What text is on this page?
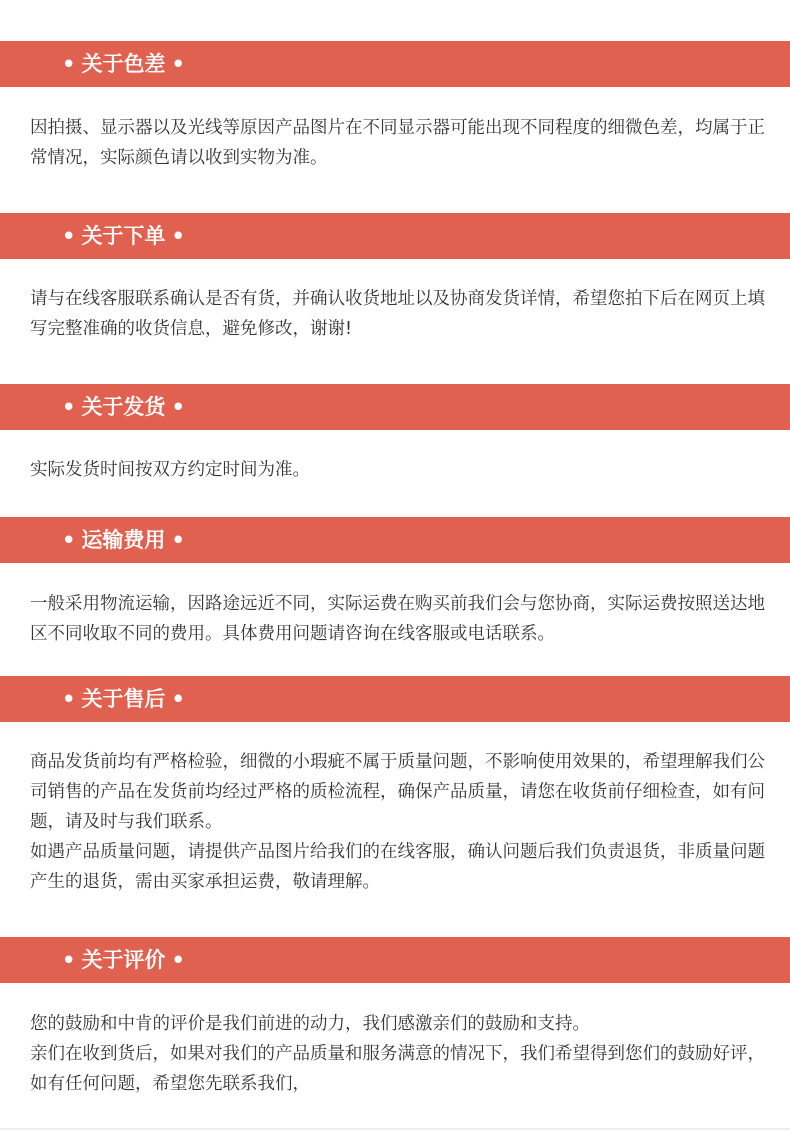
• 关于色差 •

因拍摄、显示器以及光线等原因产品图片在不同显示器可能出现不同程度的细微色差，均属于正常情况，实际颜色请以收到实物为准。

• 关于下单 •

请与在线客服联系确认是否有货，并确认收货地址以及协商发货详情，希望您拍下后在网页上填写完整准确的收货信息，避免修改，谢谢!

• 关于发货 •

实际发货时间按双方约定时间为准。

• 运输费用 •

一般采用物流运输，因路途远近不同，实际运费在购买前我们会与您协商，实际运费按照送达地区不同收取不同的费用。具体费用问题请咨询在线客服或电话联系。

• 关于售后 •

商品发货前均有严格检验，细微的小瑕疵不属于质量问题，不影响使用效果的，希望理解我们公司销售的产品在发货前均经过严格的质检流程，确保产品质量，请您在收货前仔细检查，如有问题，请及时与我们联系。

如遇产品质量问题，请提供产品图片给我们的在线客服，确认问题后我们负责退货，非质量问题产生的退货，需由买家承担运费，敬请理解。

• 关于评价 •

您的鼓励和中肯的评价是我们前进的动力，我们感激亲们的鼓励和支持。

亲们在收到货后，如果对我们的产品质量和服务满意的情况下，我们希望得到您们的鼓励好评，如有任何问题，希望您先联系我们，
